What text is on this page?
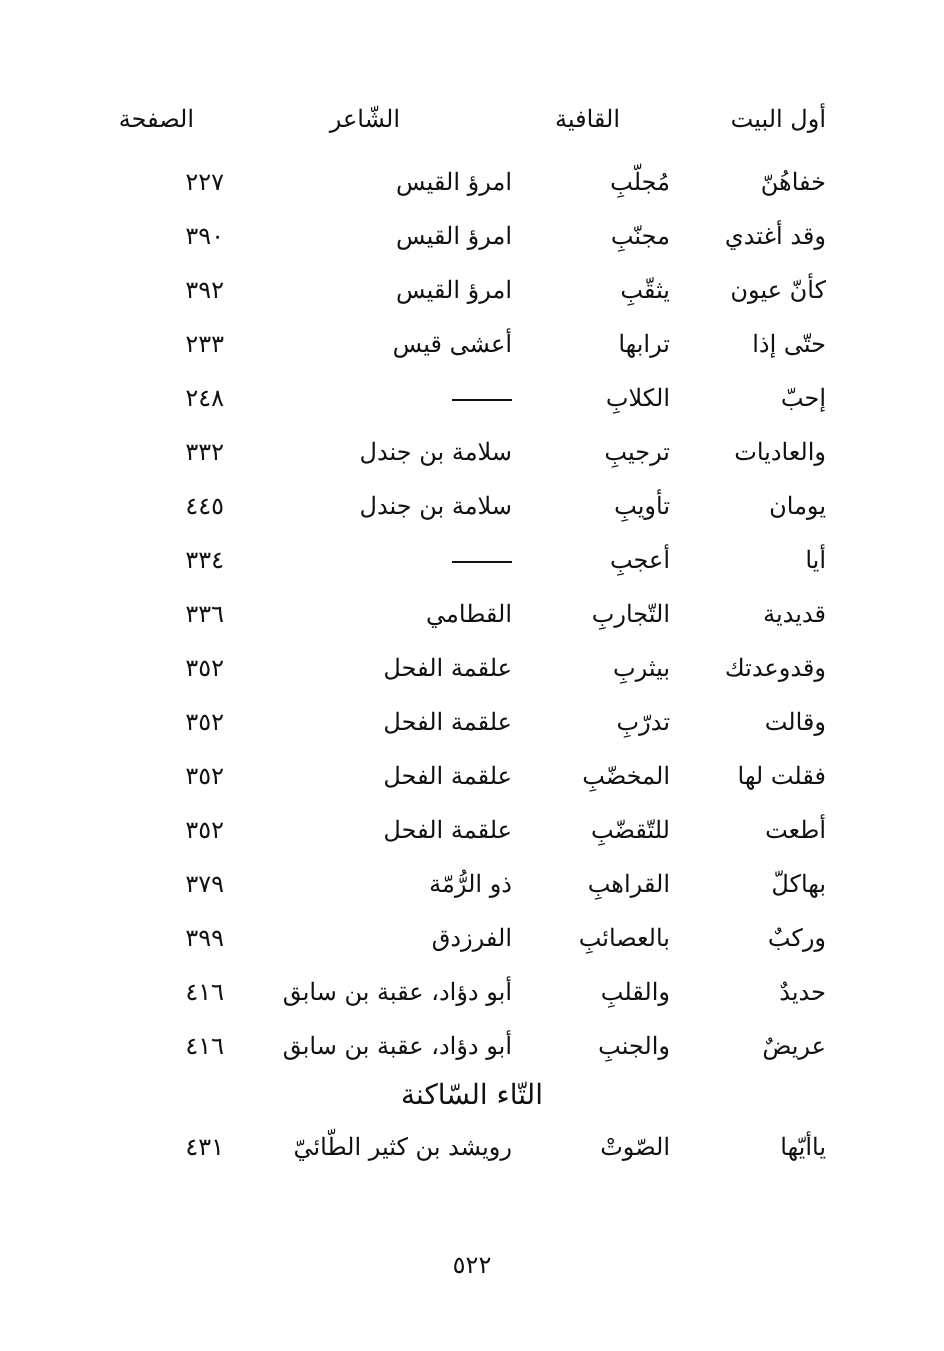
أول البيت
القافية
الشّاعر
الصفحة
خفاهُنّ
مُجلّبِ
امرؤ القيس
٢٢٧
وقد أغتدي
مجنّبِ
امرؤ القيس
٣٩٠
كأنّ عيون
يثقّبِ
امرؤ القيس
٣٩٢
حتّى إذا
ترابها
أعشى قيس
٢٣٣
إحبّ
الكلابِ
٢٤٨
والعاديات
ترجيبِ
سلامة بن جندل
٣٣٢
يومان
تأويبِ
سلامة بن جندل
٤٤٥
أيا
أعجبِ
٣٣٤
قديدية
التّجاربِ
القطامي
٣٣٦
وقدوعدتك
بيثربِ
علقمة الفحل
٣٥٢
وقالت
تدرّبِ
علقمة الفحل
٣٥٢
فقلت لها
المخضّبِ
علقمة الفحل
٣٥٢
أطعت
للتّقضّبِ
علقمة الفحل
٣٥٢
بهاكلّ
القراهبِ
ذو الرُّمّة
٣٧٩
وركبٌ
بالعصائبِ
الفرزدق
٣٩٩
حديدٌ
والقلبِ
أبو دؤاد، عقبة بن سابق
٤١٦
عريضٌ
والجنبِ
أبو دؤاد، عقبة بن سابق
٤١٦
التّاء السّاكنة
ياأيّها
الصّوتْ
رويشد بن كثير الطّائيّ
٤٣١
٥٢٢
